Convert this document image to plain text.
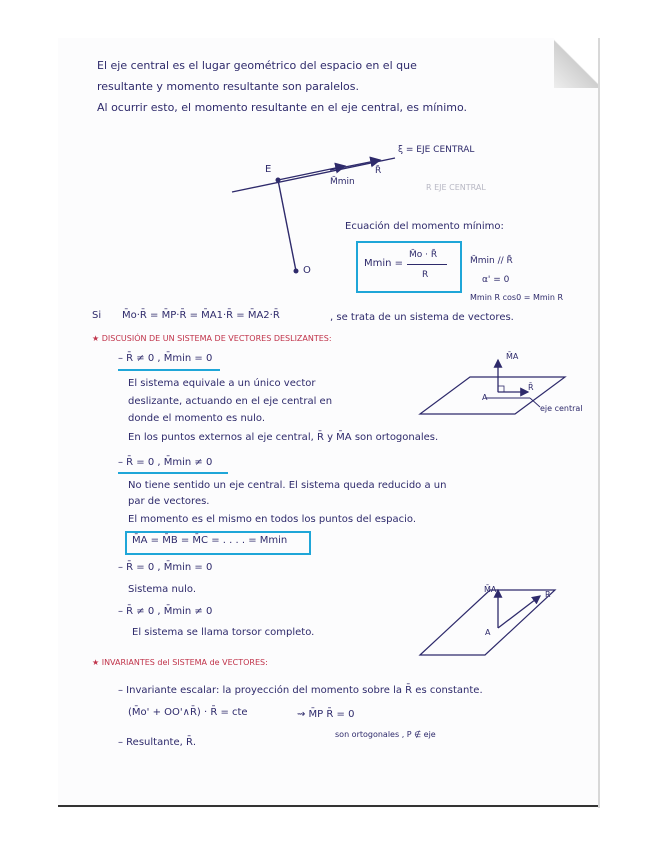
El eje central es el lugar geométrico del espacio en el que
resultante y momento resultante son paralelos.
Al ocurrir esto, el momento resultante en el eje central, es mínimo.
E
M̄min
R̄
ξ = EJE CENTRAL
O
R EJE CENTRAL
Ecuación del momento mínimo:
Mmin =
M̄o · R̄
R
M̄min // R̄
α' = 0
Mmin R cos0 = Mmin R
Si M̄o·R̄ = M̄P·R̄ = M̄A1·R̄ = M̄A2·R̄	, se trata de un sistema de vectores.
★ DISCUSIÓN DE UN SISTEMA DE VECTORES DESLIZANTES:
– R̄ ≠ 0 , M̄min = 0
El sistema equivale a un único vector
deslizante, actuando en el eje central en
donde el momento es nulo.
En los puntos externos al eje central, R̄ y M̄A son ortogonales.
M̄A
R̄
A
eje central
– R̄ = 0 , M̄min ≠ 0
No tiene sentido un eje central. El sistema queda reducido a un
par de vectores.
El momento es el mismo en todos los puntos del espacio.
M̄A = M̄B = M̄C = . . . . = Mmin
– R̄ = 0 , M̄min = 0
Sistema nulo.
– R̄ ≠ 0 , M̄min ≠ 0
El sistema se llama torsor completo.
M̄A
R̄
A
★ INVARIANTES del SISTEMA de VECTORES:
– Invariante escalar: la proyección del momento sobre la R̄ es constante.
(M̄o' + OO'∧R̄) · R̄ = cte	⇝ M̄P R̄ = 0
son ortogonales , P ∉ eje
– Resultante, R̄.
